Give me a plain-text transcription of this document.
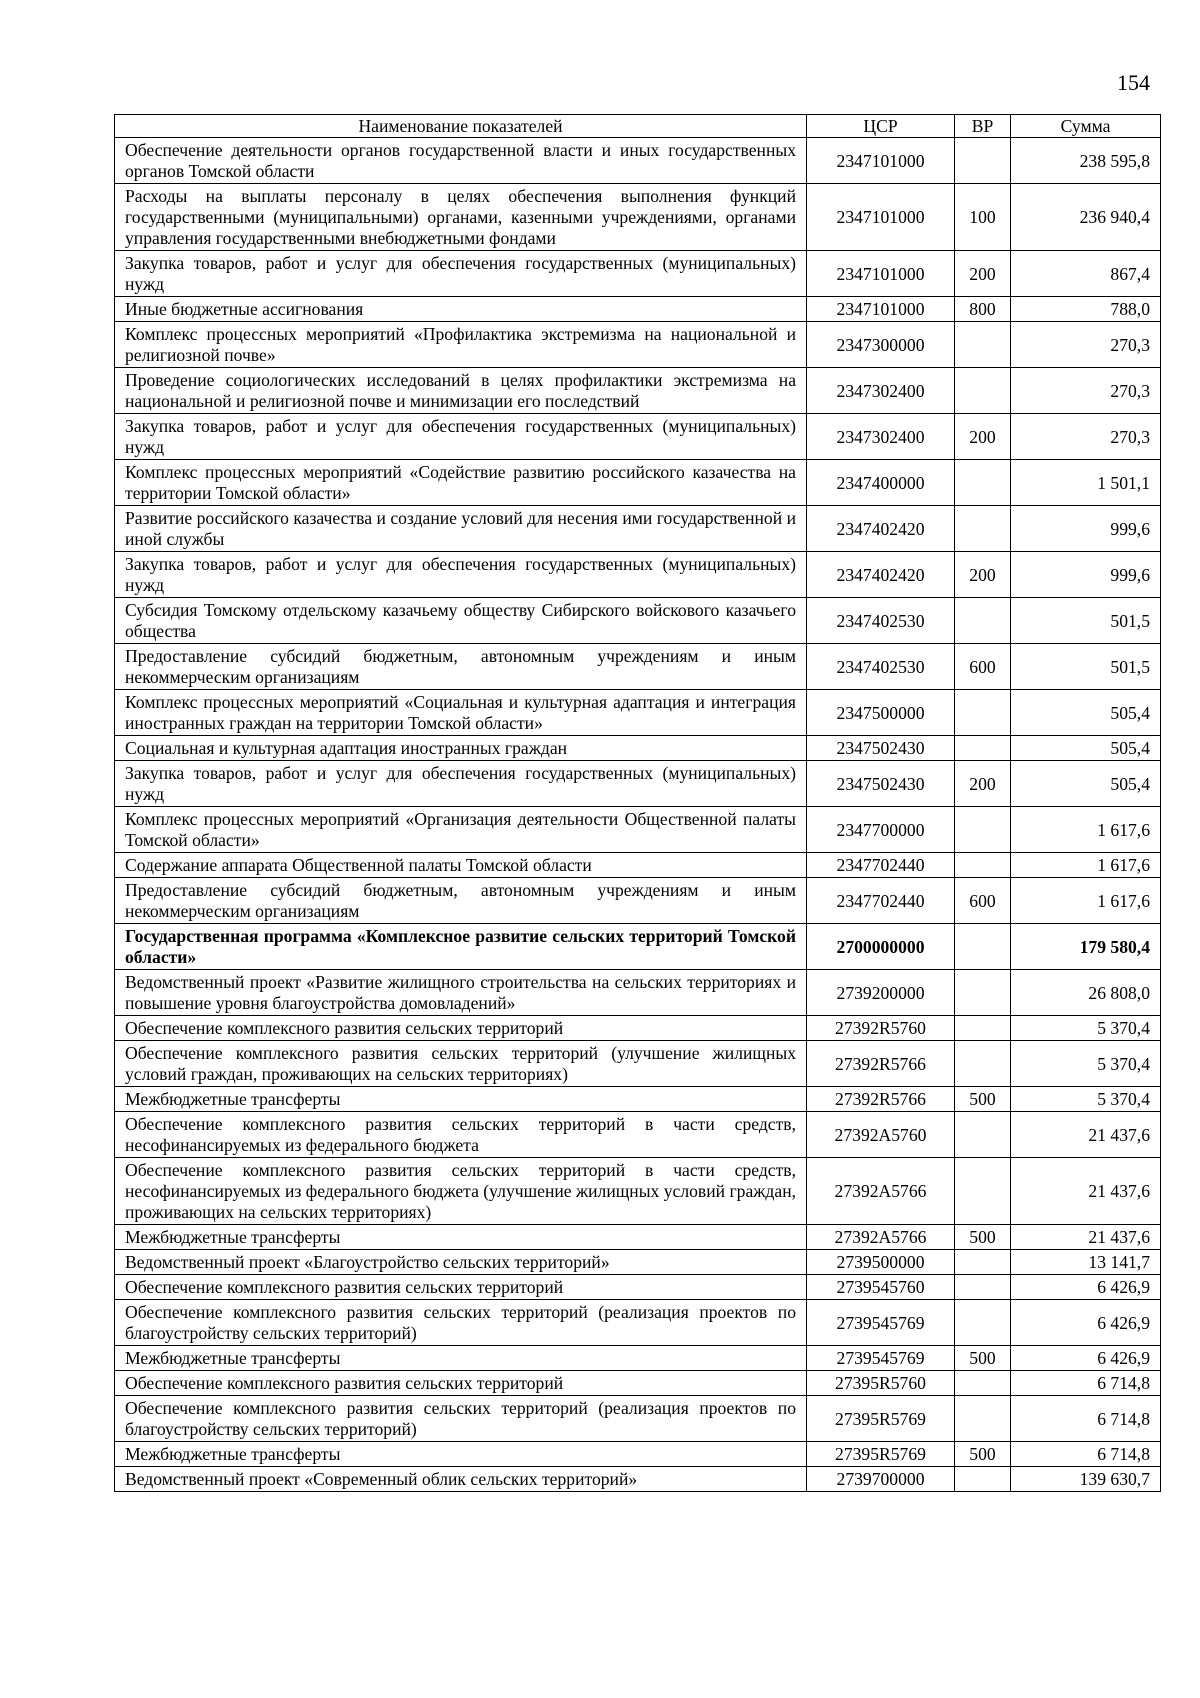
154
Наименование показателей	ЦСР	ВР	Сумма
Обеспечение деятельности органов государственной власти и иных государственных органов Томской области	2347101000		238 595,8
Расходы на выплаты персоналу в целях обеспечения выполнения функций государственными (муниципальными) органами, казенными учреждениями, органами управления государственными внебюджетными фондами	2347101000	100	236 940,4
Закупка товаров, работ и услуг для обеспечения государственных (муниципальных) нужд	2347101000	200	867,4
Иные бюджетные ассигнования	2347101000	800	788,0
Комплекс процессных мероприятий «Профилактика экстремизма на национальной и религиозной почве»	2347300000		270,3
Проведение социологических исследований в целях профилактики экстремизма на национальной и религиозной почве и минимизации его последствий	2347302400		270,3
Закупка товаров, работ и услуг для обеспечения государственных (муниципальных) нужд	2347302400	200	270,3
Комплекс процессных мероприятий «Содействие развитию российского казачества на территории Томской области»	2347400000		1 501,1
Развитие российского казачества и создание условий для несения ими государственной и иной службы	2347402420		999,6
Закупка товаров, работ и услуг для обеспечения государственных (муниципальных) нужд	2347402420	200	999,6
Субсидия Томскому отдельскому казачьему обществу Сибирского войскового казачьего общества	2347402530		501,5
Предоставление субсидий бюджетным, автономным учреждениям и иным некоммерческим организациям	2347402530	600	501,5
Комплекс процессных мероприятий «Социальная и культурная адаптация и интеграция иностранных граждан на территории Томской области»	2347500000		505,4
Социальная и культурная адаптация иностранных граждан	2347502430		505,4
Закупка товаров, работ и услуг для обеспечения государственных (муниципальных) нужд	2347502430	200	505,4
Комплекс процессных мероприятий «Организация деятельности Общественной палаты Томской области»	2347700000		1 617,6
Содержание аппарата Общественной палаты Томской области	2347702440		1 617,6
Предоставление субсидий бюджетным, автономным учреждениям и иным некоммерческим организациям	2347702440	600	1 617,6
Государственная программа «Комплексное развитие сельских территорий Томской области»	2700000000		179 580,4
Ведомственный проект «Развитие жилищного строительства на сельских территориях и повышение уровня благоустройства домовладений»	2739200000		26 808,0
Обеспечение комплексного развития сельских территорий	27392R5760		5 370,4
Обеспечение комплексного развития сельских территорий (улучшение жилищных условий граждан, проживающих на сельских территориях)	27392R5766		5 370,4
Межбюджетные трансферты	27392R5766	500	5 370,4
Обеспечение комплексного развития сельских территорий в части средств, несофинансируемых из федерального бюджета	27392A5760		21 437,6
Обеспечение комплексного развития сельских территорий в части средств, несофинансируемых из федерального бюджета (улучшение жилищных условий граждан, проживающих на сельских территориях)	27392A5766		21 437,6
Межбюджетные трансферты	27392A5766	500	21 437,6
Ведомственный проект «Благоустройство сельских территорий»	2739500000		13 141,7
Обеспечение комплексного развития сельских территорий	2739545760		6 426,9
Обеспечение комплексного развития сельских территорий (реализация проектов по благоустройству сельских территорий)	2739545769		6 426,9
Межбюджетные трансферты	2739545769	500	6 426,9
Обеспечение комплексного развития сельских территорий	27395R5760		6 714,8
Обеспечение комплексного развития сельских территорий (реализация проектов по благоустройству сельских территорий)	27395R5769		6 714,8
Межбюджетные трансферты	27395R5769	500	6 714,8
Ведомственный проект «Современный облик сельских территорий»	2739700000		139 630,7
